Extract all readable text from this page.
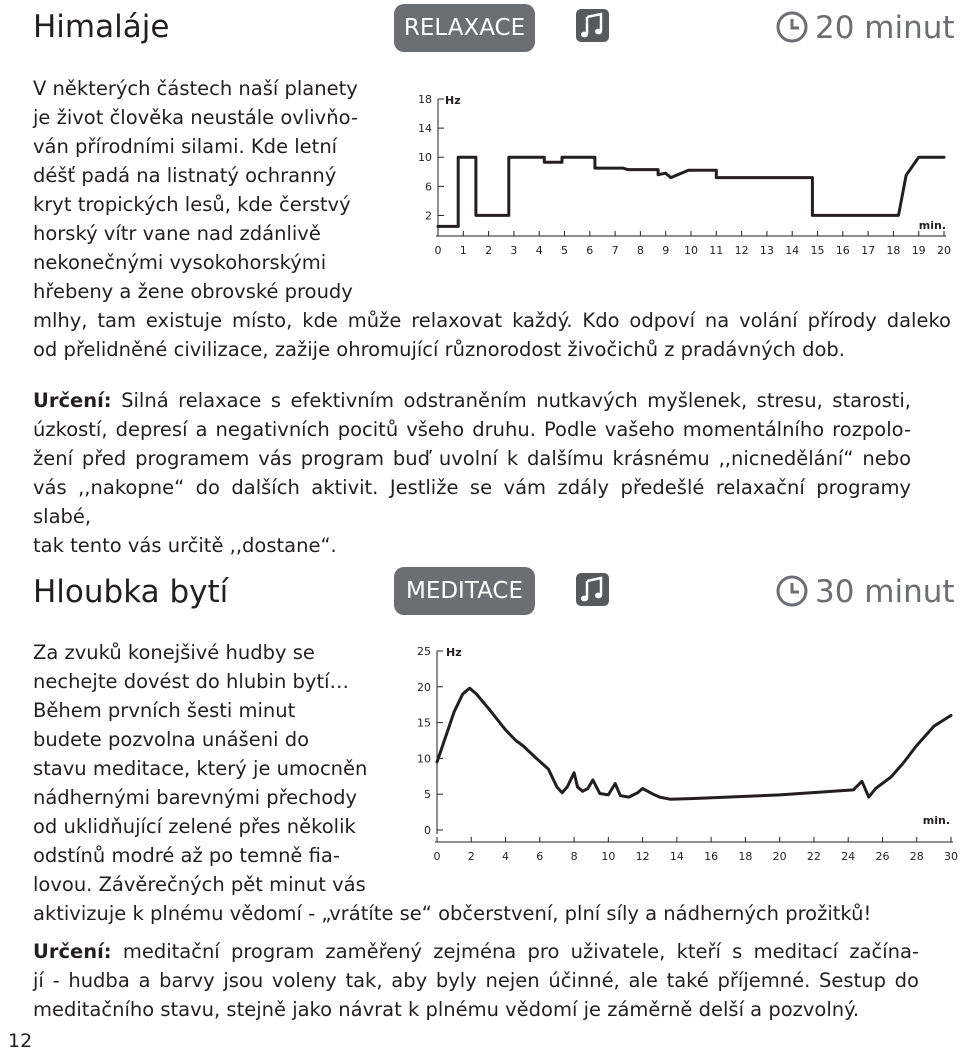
Himaláje	RELAXACE	20 minut
V některých částech naší planety
je život člověka neustále ovlivňo-
ván přírodními silami. Kde letní
déšť padá na listnatý ochranný
kryt tropických lesů, kde čerstvý
horský vítr vane nad zdánlivě
nekonečnými vysokohorskými
hřebeny a žene obrovské proudy
mlhy, tam existuje místo, kde může relaxovat každý. Kdo odpoví na volání přírody daleko
od přelidněné civilizace, zažije ohromující různorodost živočichů z pradávných dob.
2
6
10
14
18
0 1 2 3 4 5 6 7 8 9 10 11 12 13 14 15 16 17 18 19 20
Hz
min.
Určení: Silná relaxace s efektivním odstraněním nutkavých myšlenek, stresu, starosti,
úzkostí, depresí a negativních pocitů všeho druhu. Podle vašeho momentálního rozpolo-
žení před programem vás program buď uvolní k dalšímu krásnému ,,nicnedělání“ nebo
vás ,,nakopne“ do dalších aktivit. Jestliže se vám zdály předešlé relaxační programy slabé,
tak tento vás určitě ,,dostane“.
Hloubka bytí	MEDITACE	30 minut
Za zvuků konejšivé hudby se
nechejte dovést do hlubin bytí…
Během prvních šesti minut
budete pozvolna unášeni do
stavu meditace, který je umocněn
nádhernými barevnými přechody
od uklidňující zelené přes několik
odstínů modré až po temně fia-
lovou. Závěrečných pět minut vás
aktivizuje k plnému vědomí - „vrátíte se“ občerstvení, plní síly a nádherných prožitků!
0
5
10
15
20
25
0 2 4 6 8 10 12 14 16 18 20 22 24 26 28 30
Hz
min.
Určení: meditační program zaměřený zejména pro uživatele, kteří s meditací začína-
jí - hudba a barvy jsou voleny tak, aby byly nejen účinné, ale také příjemné. Sestup do
meditačního stavu, stejně jako návrat k plnému vědomí je záměrně delší a pozvolný.
12
